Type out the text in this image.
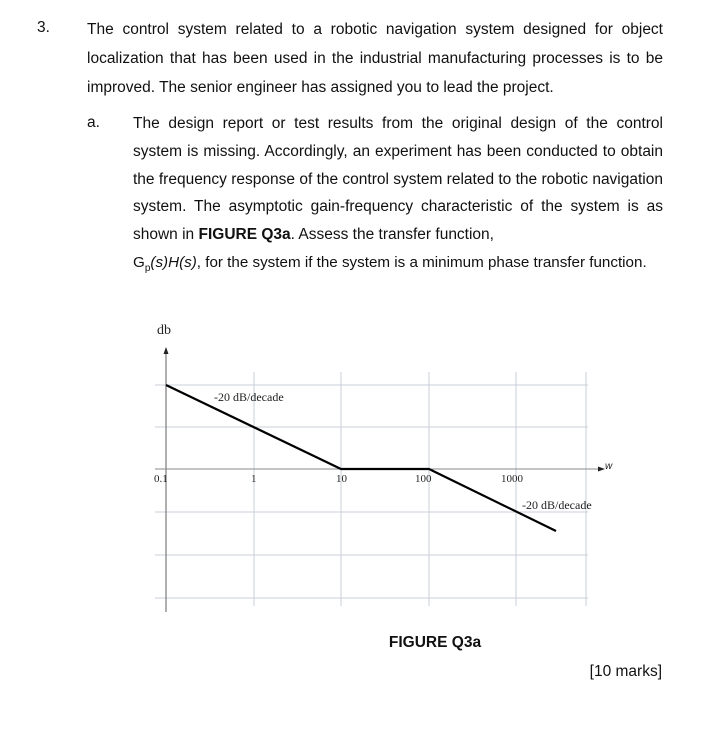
3. The control system related to a robotic navigation system designed for object localization that has been used in the industrial manufacturing processes is to be improved. The senior engineer has assigned you to lead the project.
a. The design report or test results from the original design of the control system is missing. Accordingly, an experiment has been conducted to obtain the frequency response of the control system related to the robotic navigation system. The asymptotic gain-frequency characteristic of the system is as shown in FIGURE Q3a. Assess the transfer function,
$G_p(s)H(s)$, for the system if the system is a minimum phase transfer function.
db
w
0.1	1	10	100	1000
-20 dB/decade
-20 dB/decade
FIGURE Q3a
[10 marks]
